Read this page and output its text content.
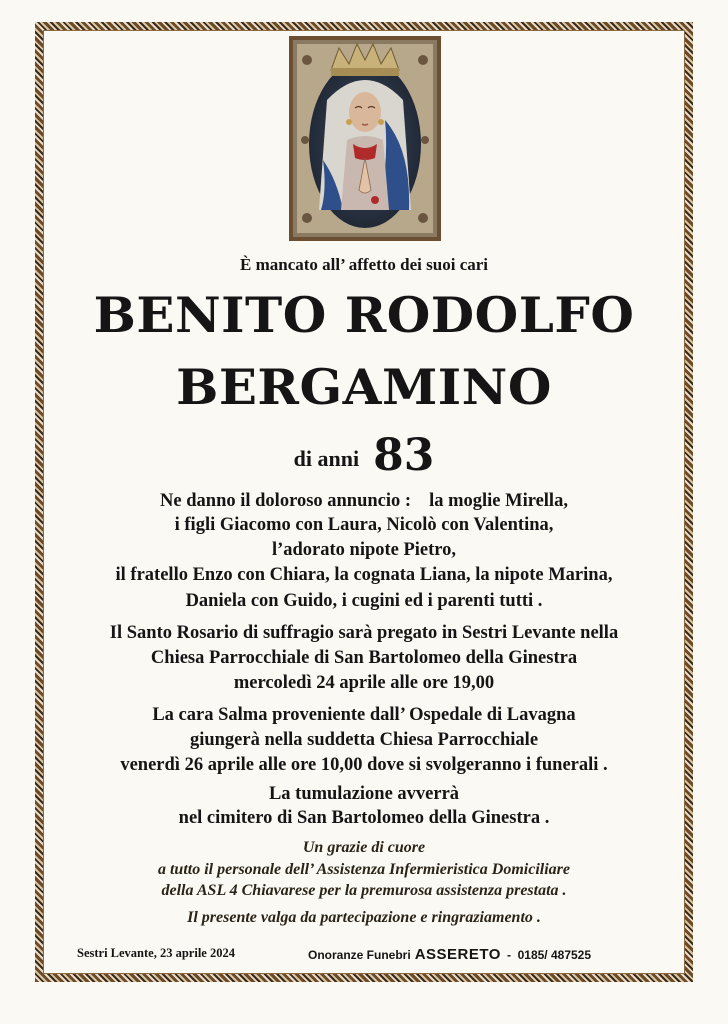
È mancato all’ affetto dei suoi cari
BENITO RODOLFO
BERGAMINO
di anni 83
Ne danno il doloroso annuncio : la moglie Mirella,
i figli Giacomo con Laura, Nicolò con Valentina,
l’adorato nipote Pietro,
il fratello Enzo con Chiara, la cognata Liana, la nipote Marina,
Daniela con Guido, i cugini ed i parenti tutti .
Il Santo Rosario di suffragio sarà pregato in Sestri Levante nella
Chiesa Parrocchiale di San Bartolomeo della Ginestra
mercoledì 24 aprile alle ore 19,00
La cara Salma proveniente dall’ Ospedale di Lavagna
giungerà nella suddetta Chiesa Parrocchiale
venerdì 26 aprile alle ore 10,00 dove si svolgeranno i funerali .
La tumulazione avverrà
nel cimitero di San Bartolomeo della Ginestra .
Un grazie di cuore
a tutto il personale dell’ Assistenza Infermieristica Domiciliare
della ASL 4 Chiavarese per la premurosa assistenza prestata .
Il presente valga da partecipazione e ringraziamento .
Sestri Levante, 23 aprile 2024	Onoranze Funebri ASSERETO - 0185/ 487525
